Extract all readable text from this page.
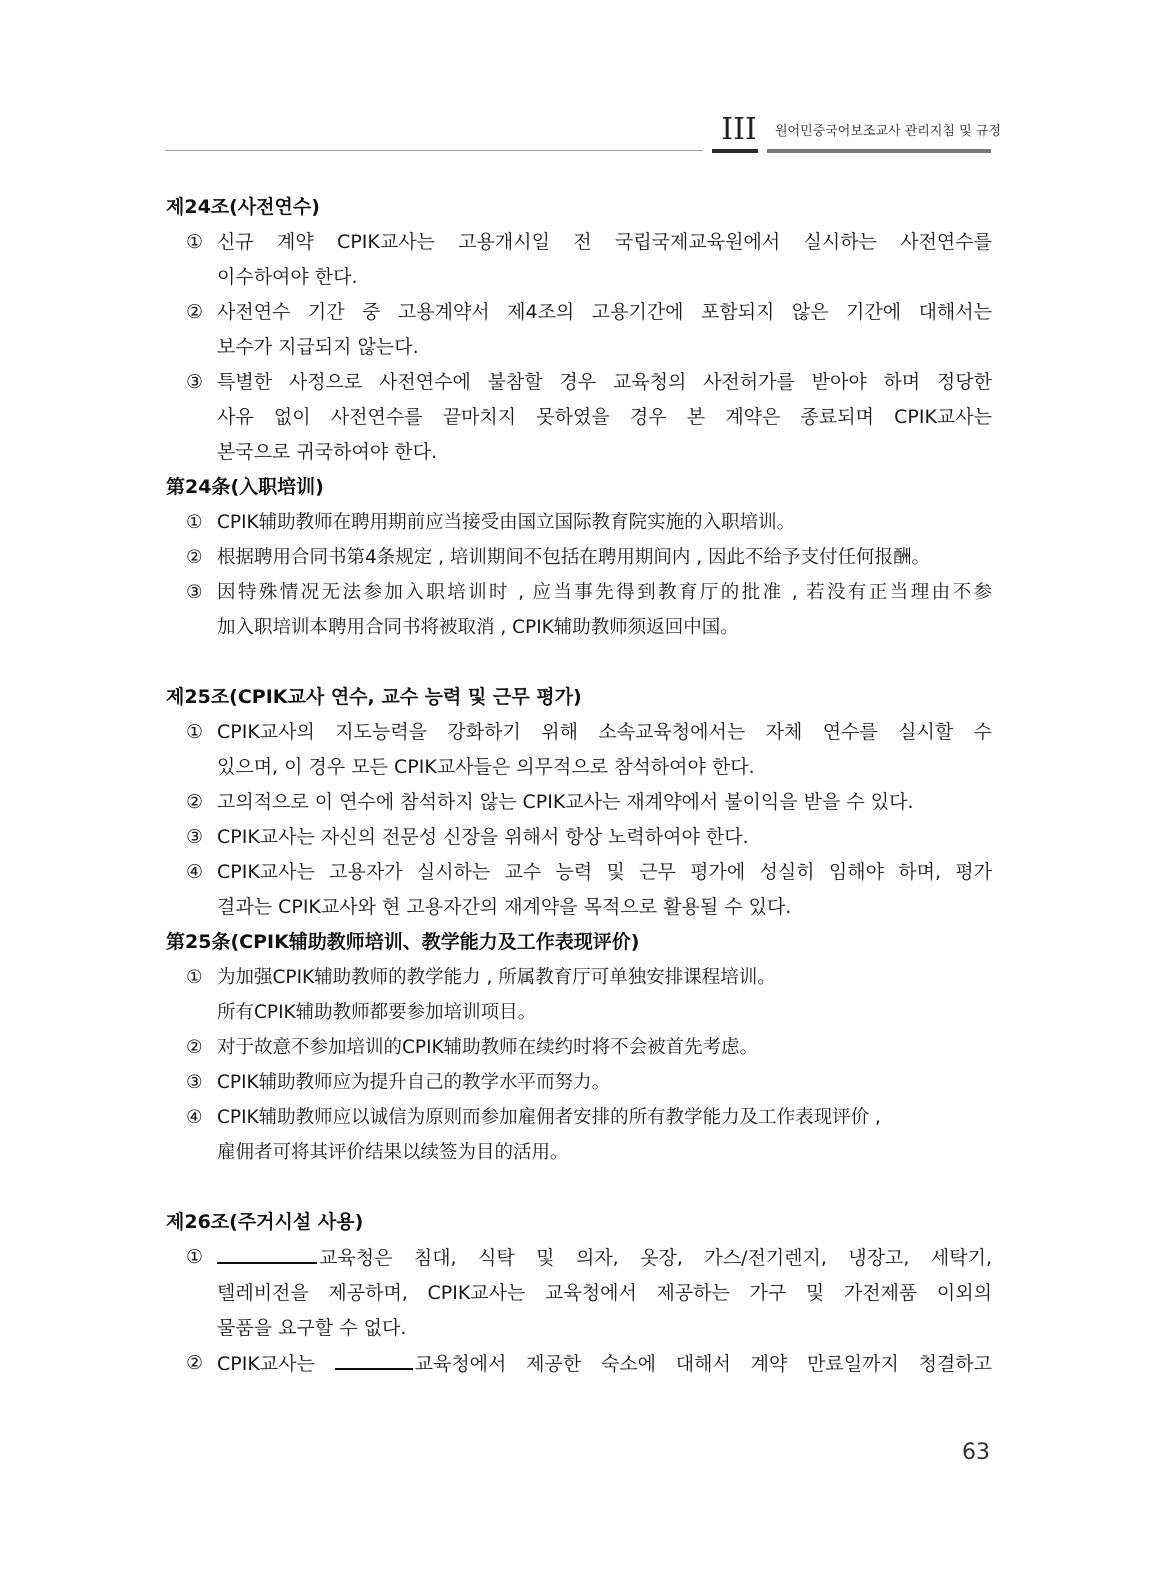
III 원어민중국어보조교사 관리지침 및 규정
제24조(사전연수)
① 신규 계약 CPIK교사는 고용개시일 전 국립국제교육원에서 실시하는 사전연수를
이수하여야 한다.
② 사전연수 기간 중 고용계약서 제4조의 고용기간에 포함되지 않은 기간에 대해서는
보수가 지급되지 않는다.
③ 특별한 사정으로 사전연수에 불참할 경우 교육청의 사전허가를 받아야 하며 정당한
사유 없이 사전연수를 끝마치지 못하였을 경우 본 계약은 종료되며 CPIK교사는
본국으로 귀국하여야 한다.
第24条(入职培训)
① CPIK辅助教师在聘用期前应当接受由国立国际教育院实施的入职培训。
② 根据聘用合同书第4条规定 , 培训期间不包括在聘用期间内 , 因此不给予支付任何报酬。
③ 因特殊情况无法参加入职培训时 , 应当事先得到教育厅的批准 , 若没有正当理由不参
加入职培训本聘用合同书将被取消 , CPIK辅助教师须返回中国。
제25조(CPIK교사 연수, 교수 능력 및 근무 평가)
① CPIK교사의 지도능력을 강화하기 위해 소속교육청에서는 자체 연수를 실시할 수
있으며, 이 경우 모든 CPIK교사들은 의무적으로 참석하여야 한다.
② 고의적으로 이 연수에 참석하지 않는 CPIK교사는 재계약에서 불이익을 받을 수 있다.
③ CPIK교사는 자신의 전문성 신장을 위해서 항상 노력하여야 한다.
④ CPIK교사는 고용자가 실시하는 교수 능력 및 근무 평가에 성실히 임해야 하며, 평가
결과는 CPIK교사와 현 고용자간의 재계약을 목적으로 활용될 수 있다.
第25条(CPIK辅助教师培训、教学能力及工作表现评价)
① 为加强CPIK辅助教师的教学能力 , 所属教育厅可单独安排课程培训。
所有CPIK辅助教师都要参加培训项目。
② 对于故意不参加培训的CPIK辅助教师在续约时将不会被首先考虑。
③ CPIK辅助教师应为提升自己的教学水平而努力。
④ CPIK辅助教师应以诚信为原则而参加雇佣者安排的所有教学能力及工作表现评价 ,
雇佣者可将其评价结果以续签为目的活用。
제26조(주거시설 사용)
①	교육청은 침대, 식탁 및 의자, 옷장, 가스/전기렌지, 냉장고, 세탁기,
텔레비전을 제공하며, CPIK교사는 교육청에서 제공하는 가구 및 가전제품 이외의
물품을 요구할 수 없다.
② CPIK교사는	교육청에서 제공한 숙소에 대해서 계약 만료일까지 청결하고
63
